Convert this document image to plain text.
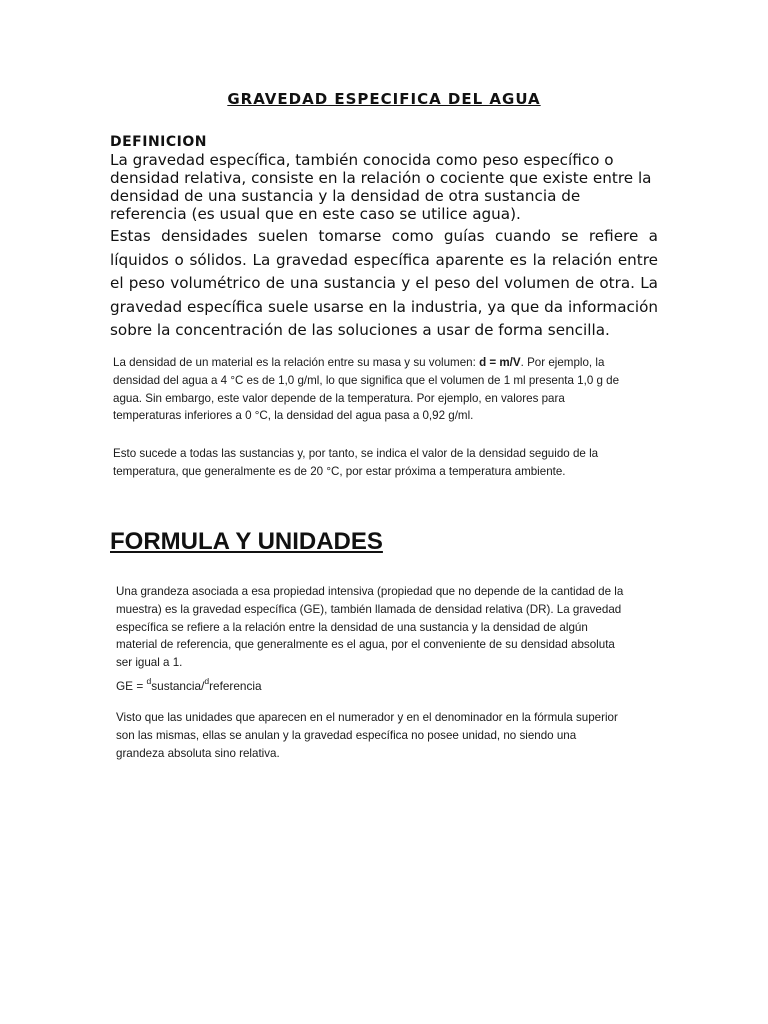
GRAVEDAD ESPECIFICA DEL AGUA
DEFINICION

La gravedad específica, también conocida como peso específico o densidad relativa, consiste en la relación o cociente que existe entre la densidad de una sustancia y la densidad de otra sustancia de referencia (es usual que en este caso se utilice agua).

Estas densidades suelen tomarse como guías cuando se refiere a líquidos o sólidos. La gravedad específica aparente es la relación entre el peso volumétrico de una sustancia y el peso del volumen de otra. La gravedad específica suele usarse en la industria, ya que da información sobre la concentración de las soluciones a usar de forma sencilla.

La densidad de un material es la relación entre su masa y su volumen: d = m/V. Por ejemplo, la densidad del agua a 4 °C es de 1,0 g/ml, lo que significa que el volumen de 1 ml presenta 1,0 g de agua. Sin embargo, este valor depende de la temperatura. Por ejemplo, en valores para temperaturas inferiores a 0 °C, la densidad del agua pasa a 0,92 g/ml.

Esto sucede a todas las sustancias y, por tanto, se indica el valor de la densidad seguido de la temperatura, que generalmente es de 20 °C, por estar próxima a temperatura ambiente.

FORMULA Y UNIDADES

Una grandeza asociada a esa propiedad intensiva (propiedad que no depende de la cantidad de la muestra) es la gravedad específica (GE), también llamada de densidad relativa (DR). La gravedad específica se refiere a la relación entre la densidad de una sustancia y la densidad de algún material de referencia, que generalmente es el agua, por el conveniente de su densidad absoluta ser igual a 1.

GE = $^d$sustancia/$^d$referencia

Visto que las unidades que aparecen en el numerador y en el denominador en la fórmula superior son las mismas, ellas se anulan y la gravedad específica no posee unidad, no siendo una grandeza absoluta sino relativa.
